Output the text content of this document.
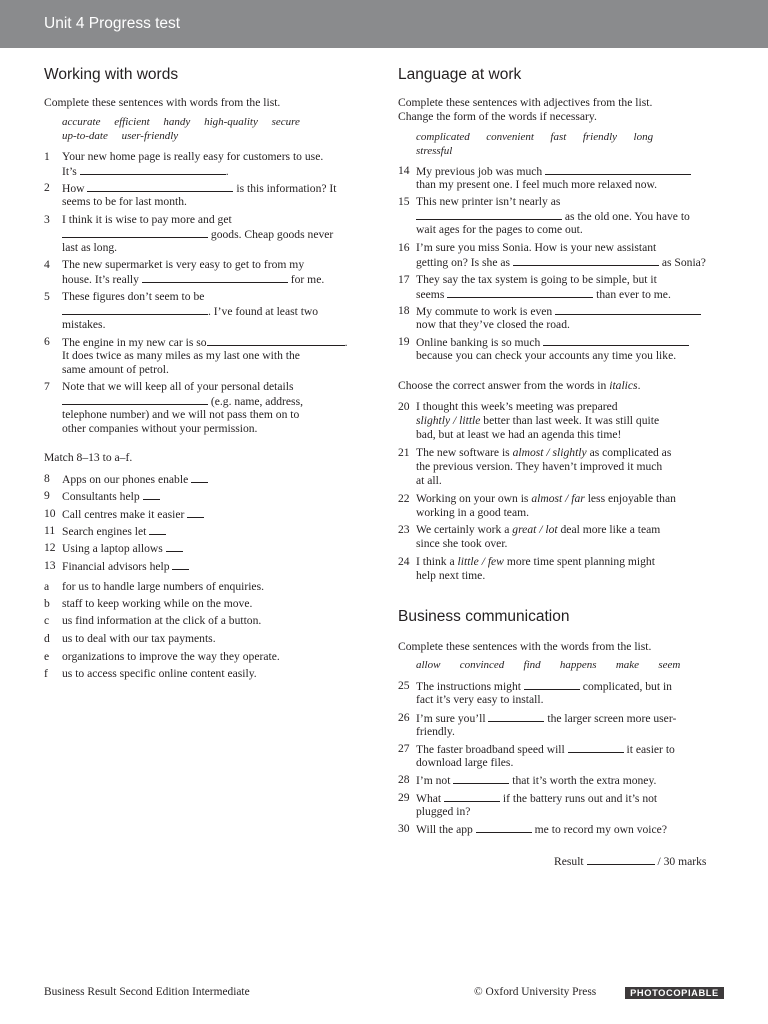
Unit 4 Progress test
Working with words
Complete these sentences with words from the list.
accurate efficient handy high-quality secure
up-to-date user-friendly
1 Your new home page is really easy for customers to use.
It’s	.
2 How	is this information? It
seems to be for last month.
3 I think it is wise to pay more and get
goods. Cheap goods never
last as long.
4 The new supermarket is very easy to get to from my
house. It’s really	for me.
5 These figures don’t seem to be
. I’ve found at least two
mistakes.
6 The engine in my new car is so	.
It does twice as many miles as my last one with the
same amount of petrol.
7 Note that we will keep all of your personal details
(e.g. name, address,
telephone number) and we will not pass them on to
other companies without your permission.
Match 8–13 to a–f.
8 Apps on our phones enable
9 Consultants help
10 Call centres make it easier
11 Search engines let
12 Using a laptop allows
13 Financial advisors help
a for us to handle large numbers of enquiries.
b staff to keep working while on the move.
c us find information at the click of a button.
d us to deal with our tax payments.
e organizations to improve the way they operate.
f us to access specific online content easily.
Language at work
Complete these sentences with adjectives from the list.
Change the form of the words if necessary.
complicated convenient fast friendly long
stressful
14 My previous job was much
than my present one. I feel much more relaxed now.
15 This new printer isn’t nearly as
as the old one. You have to
wait ages for the pages to come out.
16 I’m sure you miss Sonia. How is your new assistant
getting on? Is she as	as Sonia?
17 They say the tax system is going to be simple, but it
seems	than ever to me.
18 My commute to work is even
now that they’ve closed the road.
19 Online banking is so much
because you can check your accounts any time you like.
Choose the correct answer from the words in italics.
20 I thought this week’s meeting was prepared
slightly / little better than last week. It was still quite
bad, but at least we had an agenda this time!
21 The new software is almost / slightly as complicated as
the previous version. They haven’t improved it much
at all.
22 Working on your own is almost / far less enjoyable than
working in a good team.
23 We certainly work a great / lot deal more like a team
since she took over.
24 I think a little / few more time spent planning might
help next time.
Business communication
Complete these sentences with the words from the list.
allow convinced find happens make seem
25 The instructions might	complicated, but in
fact it’s very easy to install.
26 I’m sure you’ll	the larger screen more user-
friendly.
27 The faster broadband speed will	it easier to
download large files.
28 I’m not	that it’s worth the extra money.
29 What	if the battery runs out and it’s not
plugged in?
30 Will the app	me to record my own voice?
Result	/ 30 marks
Business Result Second Edition Intermediate	© Oxford University Press	PHOTOCOPIABLE
